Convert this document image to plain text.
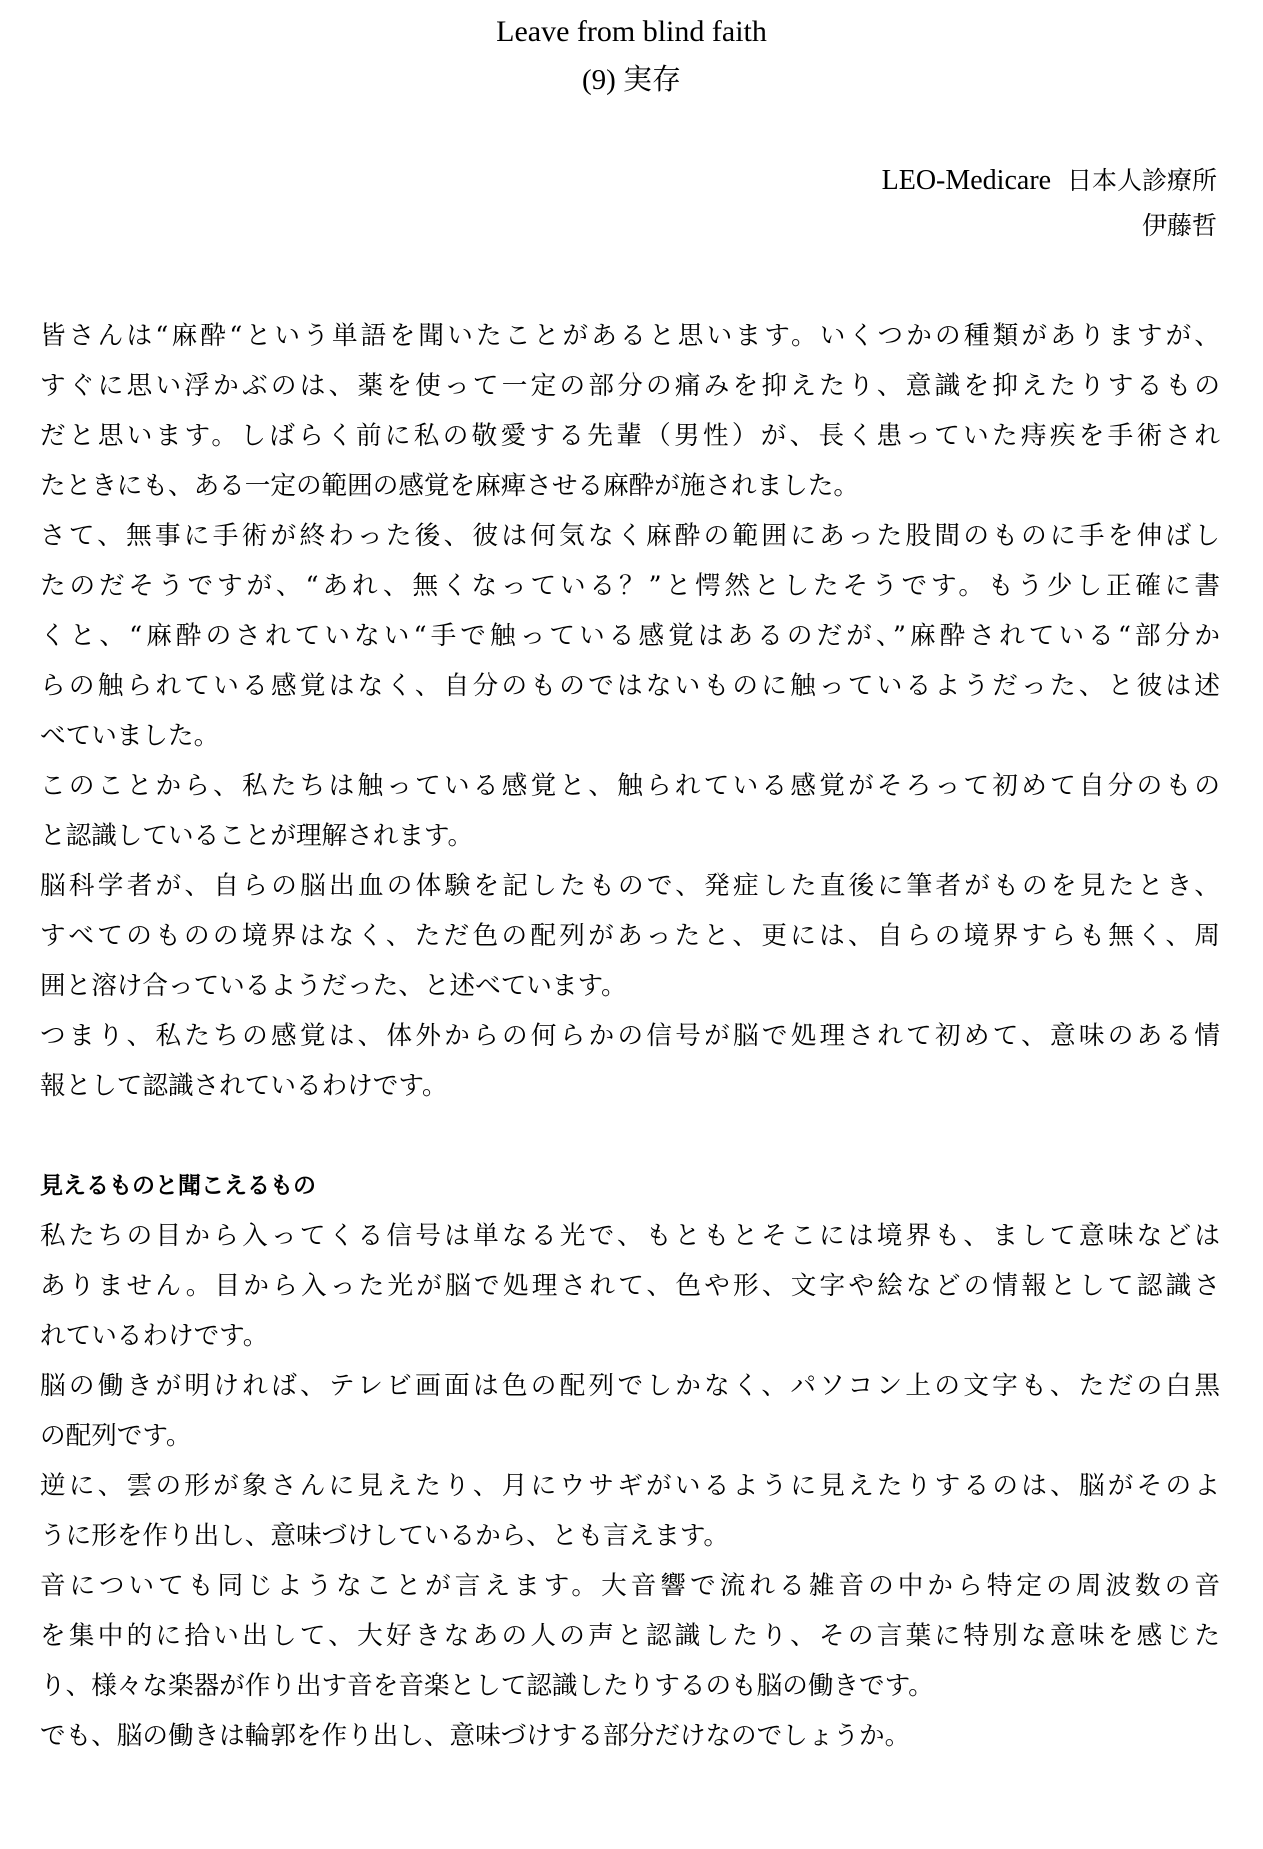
Leave from blind faith
(9) 実存
LEO-Medicare 日本人診療所
伊藤哲
皆さんは“麻酔“という単語を聞いたことがあると思います。いくつかの種類がありますが、
すぐに思い浮かぶのは、薬を使って一定の部分の痛みを抑えたり、意識を抑えたりするもの
だと思います。しばらく前に私の敬愛する先輩（男性）が、長く患っていた痔疾を手術され
たときにも、ある一定の範囲の感覚を麻痺させる麻酔が施されました。
さて、無事に手術が終わった後、彼は何気なく麻酔の範囲にあった股間のものに手を伸ばし
たのだそうですが、“あれ、無くなっている？”と愕然としたそうです。もう少し正確に書
くと、“麻酔のされていない“手で触っている感覚はあるのだが、”麻酔されている“部分か
らの触られている感覚はなく、自分のものではないものに触っているようだった、と彼は述
べていました。
このことから、私たちは触っている感覚と、触られている感覚がそろって初めて自分のもの
と認識していることが理解されます。
脳科学者が、自らの脳出血の体験を記したもので、発症した直後に筆者がものを見たとき、
すべてのものの境界はなく、ただ色の配列があったと、更には、自らの境界すらも無く、周
囲と溶け合っているようだった、と述べています。
つまり、私たちの感覚は、体外からの何らかの信号が脳で処理されて初めて、意味のある情
報として認識されているわけです。
見えるものと聞こえるもの
私たちの目から入ってくる信号は単なる光で、もともとそこには境界も、まして意味などは
ありません。目から入った光が脳で処理されて、色や形、文字や絵などの情報として認識さ
れているわけです。
脳の働きが明ければ、テレビ画面は色の配列でしかなく、パソコン上の文字も、ただの白黒
の配列です。
逆に、雲の形が象さんに見えたり、月にウサギがいるように見えたりするのは、脳がそのよ
うに形を作り出し、意味づけしているから、とも言えます。
音についても同じようなことが言えます。大音響で流れる雑音の中から特定の周波数の音
を集中的に拾い出して、大好きなあの人の声と認識したり、その言葉に特別な意味を感じた
り、様々な楽器が作り出す音を音楽として認識したりするのも脳の働きです。
でも、脳の働きは輪郭を作り出し、意味づけする部分だけなのでしょうか。
